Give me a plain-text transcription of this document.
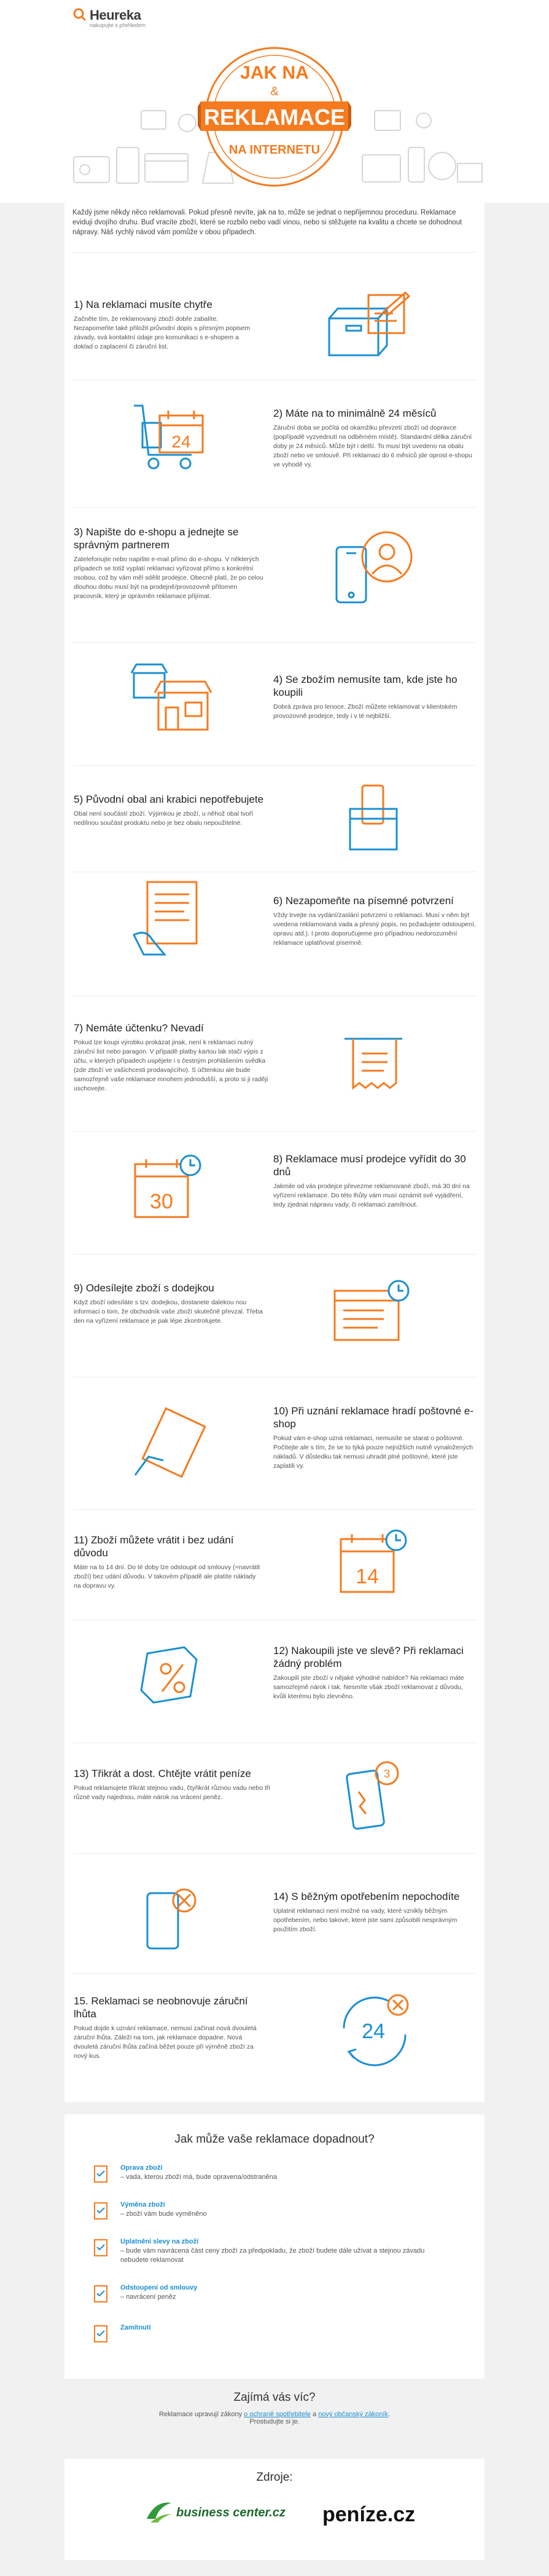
Heureka
nakupujte s přehledem
JAK NA
&
REKLAMACE
NA INTERNETU
Každý jsme někdy něco reklamovali. Pokud přesně nevíte, jak na to, může se jednat o nepříjemnou proceduru. Reklamace eviduji dvojího druhu. Buď vracíte zboží, které se rozbilo nebo vadí vinou, nebo si stěžujete na kvalitu a chcete se dohodnout nápravy. Náš rychlý návod vám pomůže v obou případech.
1) Na reklamaci musíte chytře

Začněte tím, že reklamovaný zboží dobře zabalíte. Nezapomeňte také přiložit průvodní dopis s přesným popisem závady, svá kontaktní údaje pro komunikaci s e-shopem a doklad o zaplacení či záruční list.

24
2) Máte na to minimálně 24 měsíců

Záruční doba se počítá od okamžiku převzetí zboží od dopravce (popřípadě vyzvednutí na odběrném místě). Standardní délka záruční doby je 24 měsíců. Může být i delší. To musí být uvedeno na obalu zboží nebo ve smlouvě. Při reklamaci do 6 měsíců jde oprost e-shopu ve vyhodě vy.

3) Napište do e-shopu a jednejte se správným partnerem

Zatelefonujte nebo napište e-mail přímo do e-shopu. V některých případech se totiž vyplatí reklamaci vyřizovat přímo s konkrétní osobou, což by vám měl sdělit prodejce. Obecně platí, že po celou dlouhou dobu musí být na prodejně/provozovně přítomen pracovník, který je oprávněn reklamace přijímat.

4) Se zbožím nemusíte tam, kde jste ho koupili

Dobrá zpráva pro lenoce. Zboží můžete reklamovat v klientském provozovně prodejce, tedy i v té nejbližší.

5) Původní obal ani krabici nepotřebujete

Obal není součástí zboží. Výjimkou je zboží, u něhož obal tvoří nedílnou součást produktu nebo je bez obalu nepoužitelné.

6) Nezapomeňte na písemné potvrzení

Vždy trvejte na vydání/zaslání potvrzení o reklamaci. Musí v něm být uvedena reklamovaná vada a přesný popis, no požadujete odstoupení, opravu atd.). I proto doporučujeme pro případnou nedorozumění reklamace uplatňovat písemně.

7) Nemáte účtenku? Nevadí

Pokud lze koupi výrobku prokázat jinak, není k reklamaci nutný záruční list nebo paragon. V případě platby kartou lak stačí výpis z účtu, v kterých případech uspějete i s čestným prohlášením svědka (zde zboží ve vašichcesti prodavajícího). S účtenkou ale bude samozřejmě vaše reklamace mnohem jednodušší, a proto si ji raději uschovejte.

30
8) Reklamace musí prodejce vyřídit do 30 dnů

Jakmile od vás prodejce převezme reklamované zboží, má 30 dní na vyřízení reklamace. Do této lhůty vám musí oznámit své vyjádření, tedy zjednat nápravu vady, či reklamaci zamítnout.

9) Odesílejte zboží s dodejkou

Když zboží odesíláte s tzv. dodejkou, dostanete dalekou nou informaci o tom, že obchodník vaše zboží skutečně převzal. Třeba den na vyřízení reklamace je pak lépe zkontrolujete.

10) Při uznání reklamace hradí poštovné e-shop

Pokud vám e-shop uzná reklamaci, nemusíte se starat o poštovné. Počítejte ale s tím, že se to týká pouze nejnižších nutně vynaložených nákladů. V důsledku tak nemusí uhradit plné poštovné, které jste zaplatili vy.

11) Zboží můžete vrátit i bez udání důvodu

Máte na to 14 dní. Do té doby lze odstoupit od smlouvy (=navrátit zboží) bez udání důvodu. V takovém případě ale platíte náklady na dopravu vy.	14
12) Nakoupili jste ve slevě? Při reklamaci žádný problém

Zakoupili jste zboží v nějaké výhodné nabídce? Na reklamaci máte samozřejmě nárok i tak. Nesmíte však zboží reklamovat z důvodu, kvůli kterému bylo zlevněno.

13) Třikrát a dost. Chtějte vrátit peníze

Pokud reklamujete třikrát stejnou vadu, čtyřikrát různou vadu nebo tři různé vady najednou, máte nárok na vrácení peněz.

3
14) S běžným opotřebením nepochodíte

Uplatnit reklamaci není možné na vady, které vznikly běžným opotřebením, nebo takové, které jste sami způsobili nesprávným použitím zboží.

15. Reklamaci se neobnovuje záruční lhůta

Pokud dojde k uznání reklamace, nemusí začínat nová dvouletá záruční lhůta. Záleží na tom, jak reklamace dopadne. Nová dvouletá záruční lhůta začíná běžet pouze při výměně zboží za nový kus.

24
Jak může vaše reklamace dopadnout?
Oprava zboží
– vada, kterou zboží má, bude opravena/odstraněna
Výměna zboží
– zboží vám bude vyměněno
Uplatnění slevy na zboží
– bude vám navrácena část ceny zboží za předpokladu, že zboží budete dále užívat a stejnou závadu nebudete reklamovat
Odstoupení od smlouvy
– navrácení peněz
Zamítnutí
Zajímá vás víc?

Reklamace upravují zákony o ochraně spotřebitele a nový občanský zákoník.

Prostudujte si je.

Zdroje:
business center.cz peníze.cz
